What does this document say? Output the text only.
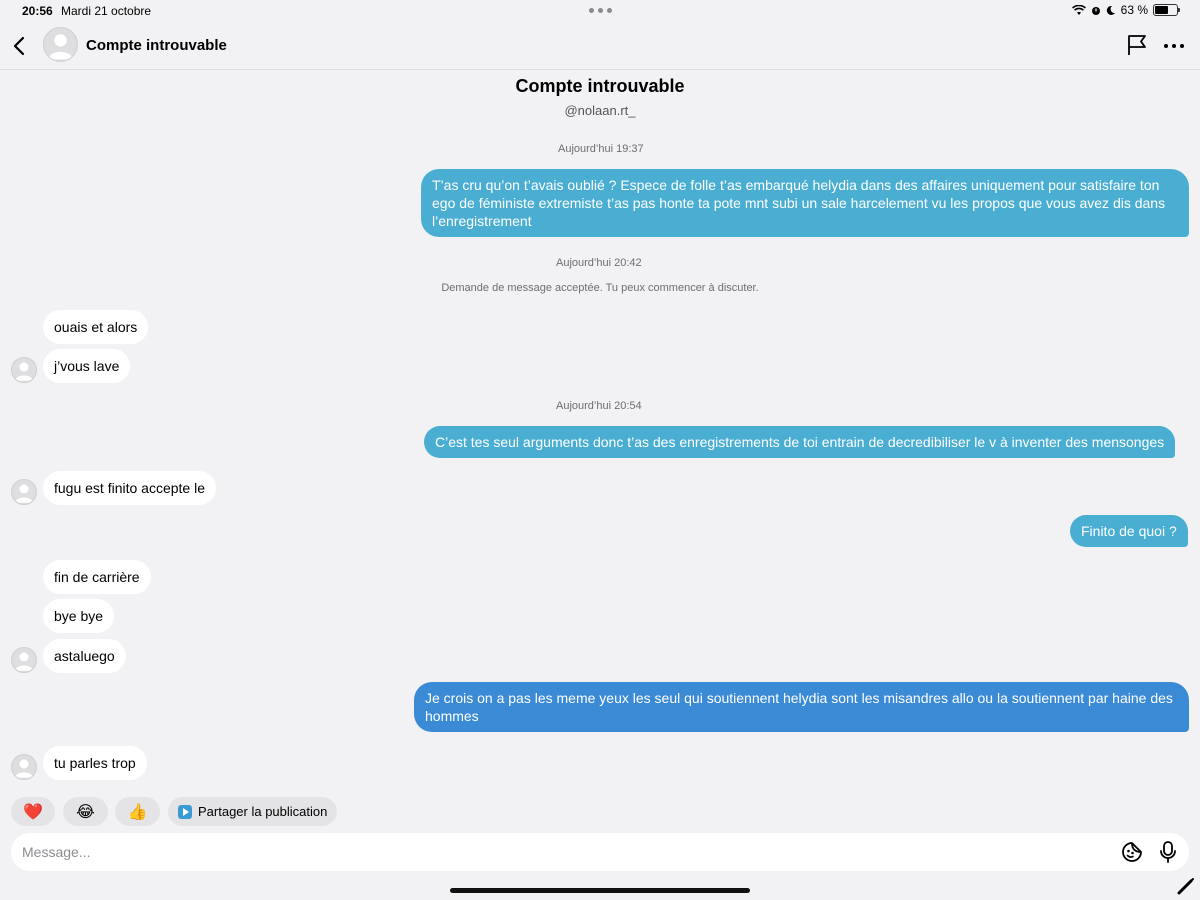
20:56 Mardi 21 octobre	63 %
Compte introuvable
Compte introuvable
@nolaan.rt_
Aujourd’hui 19:37
T’as cru qu’on t’avais oublié ? Espece de folle t’as embarqué helydia dans des affaires uniquement pour satisfaire ton ego de féministe extremiste t’as pas honte ta pote mnt subi un sale harcelement vu les propos que vous avez dis dans l’enregistrement
Aujourd’hui 20:42
Demande de message acceptée. Tu peux commencer à discuter.
ouais et alors
j’vous lave
Aujourd’hui 20:54
C’est tes seul arguments donc t’as des enregistrements de toi entrain de decredibiliser le v à inventer des mensonges
fugu est finito accepte le
Finito de quoi ?
fin de carrière
bye bye
astaluego
Je crois on a pas les meme yeux les seul qui soutiennent helydia sont les misandres allo ou la soutiennent par haine des hommes
tu parles trop
❤️	😂	👍	Partager la publication
Message...
